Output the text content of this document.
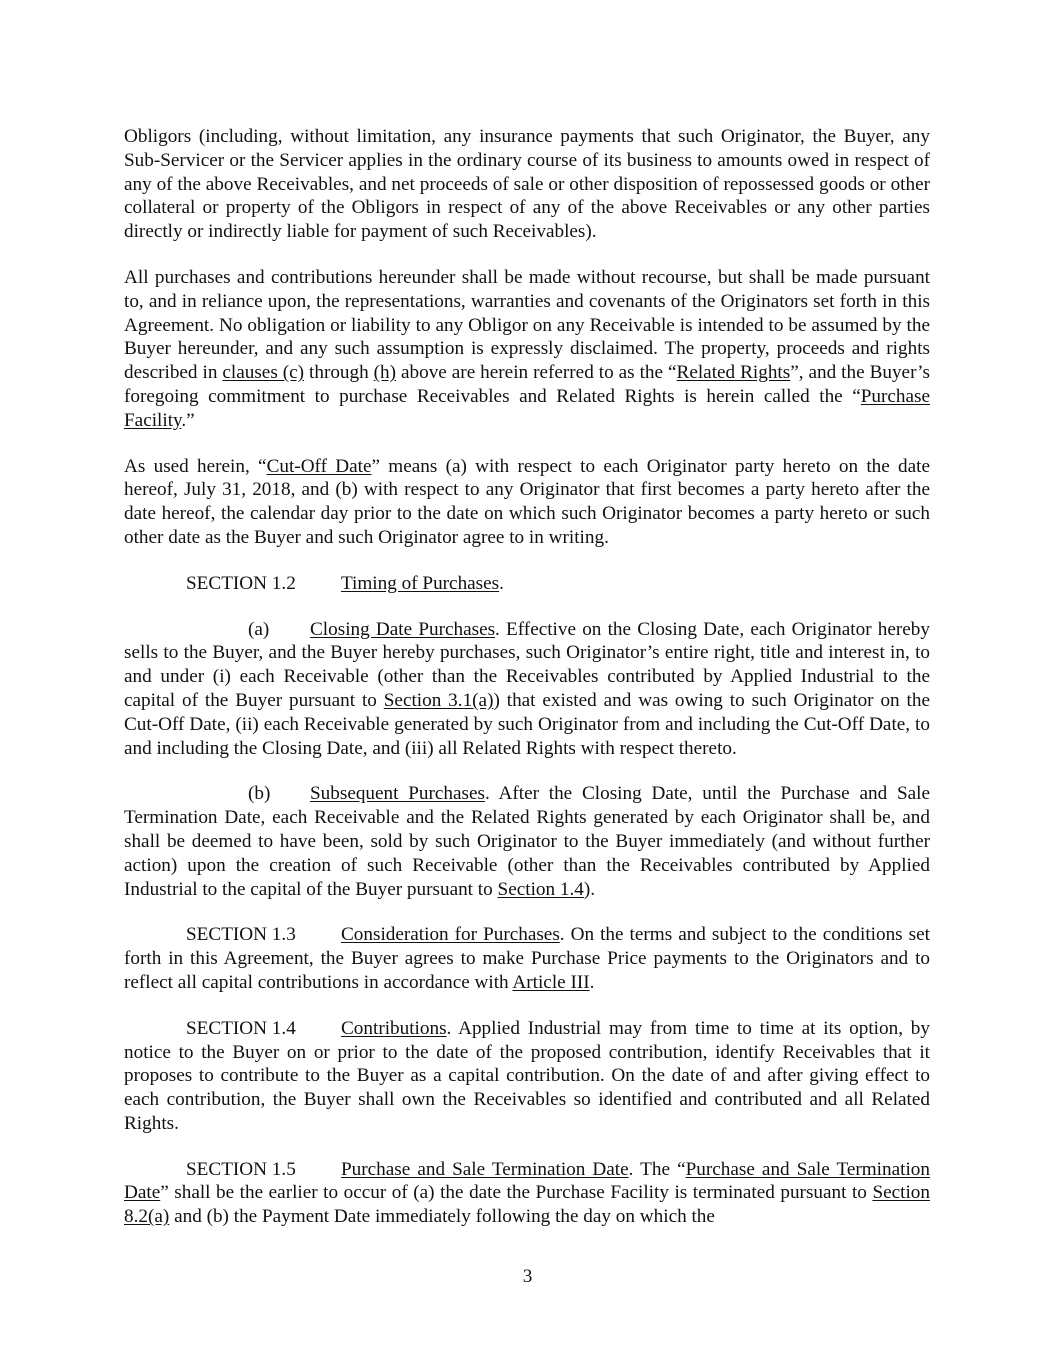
Obligors (including, without limitation, any insurance payments that such Originator, the Buyer, any Sub-Servicer or the Servicer applies in the ordinary course of its business to amounts owed in respect of any of the above Receivables, and net proceeds of sale or other disposition of repossessed goods or other collateral or property of the Obligors in respect of any of the above Receivables or any other parties directly or indirectly liable for payment of such Receivables).

All purchases and contributions hereunder shall be made without recourse, but shall be made pursuant to, and in reliance upon, the representations, warranties and covenants of the Originators set forth in this Agreement. No obligation or liability to any Obligor on any Receivable is intended to be assumed by the Buyer hereunder, and any such assumption is expressly disclaimed. The property, proceeds and rights described in clauses (c) through (h) above are herein referred to as the “Related Rights”, and the Buyer’s foregoing commitment to purchase Receivables and Related Rights is herein called the “Purchase Facility.”

As used herein, “Cut-Off Date” means (a) with respect to each Originator party hereto on the date hereof, July 31, 2018, and (b) with respect to any Originator that first becomes a party hereto after the date hereof, the calendar day prior to the date on which such Originator becomes a party hereto or such other date as the Buyer and such Originator agree to in writing.

SECTION 1.2 Timing of Purchases.

(a) Closing Date Purchases. Effective on the Closing Date, each Originator hereby sells to the Buyer, and the Buyer hereby purchases, such Originator’s entire right, title and interest in, to and under (i) each Receivable (other than the Receivables contributed by Applied Industrial to the capital of the Buyer pursuant to Section 3.1(a)) that existed and was owing to such Originator on the Cut-Off Date, (ii) each Receivable generated by such Originator from and including the Cut-Off Date, to and including the Closing Date, and (iii) all Related Rights with respect thereto.

(b) Subsequent Purchases. After the Closing Date, until the Purchase and Sale Termination Date, each Receivable and the Related Rights generated by each Originator shall be, and shall be deemed to have been, sold by such Originator to the Buyer immediately (and without further action) upon the creation of such Receivable (other than the Receivables contributed by Applied Industrial to the capital of the Buyer pursuant to Section 1.4).

SECTION 1.3 Consideration for Purchases. On the terms and subject to the conditions set forth in this Agreement, the Buyer agrees to make Purchase Price payments to the Originators and to reflect all capital contributions in accordance with Article III.

SECTION 1.4 Contributions. Applied Industrial may from time to time at its option, by notice to the Buyer on or prior to the date of the proposed contribution, identify Receivables that it proposes to contribute to the Buyer as a capital contribution. On the date of and after giving effect to each contribution, the Buyer shall own the Receivables so identified and contributed and all Related Rights.

SECTION 1.5 Purchase and Sale Termination Date. The “Purchase and Sale Termination Date” shall be the earlier to occur of (a) the date the Purchase Facility is terminated pursuant to Section 8.2(a) and (b) the Payment Date immediately following the day on which the

3
